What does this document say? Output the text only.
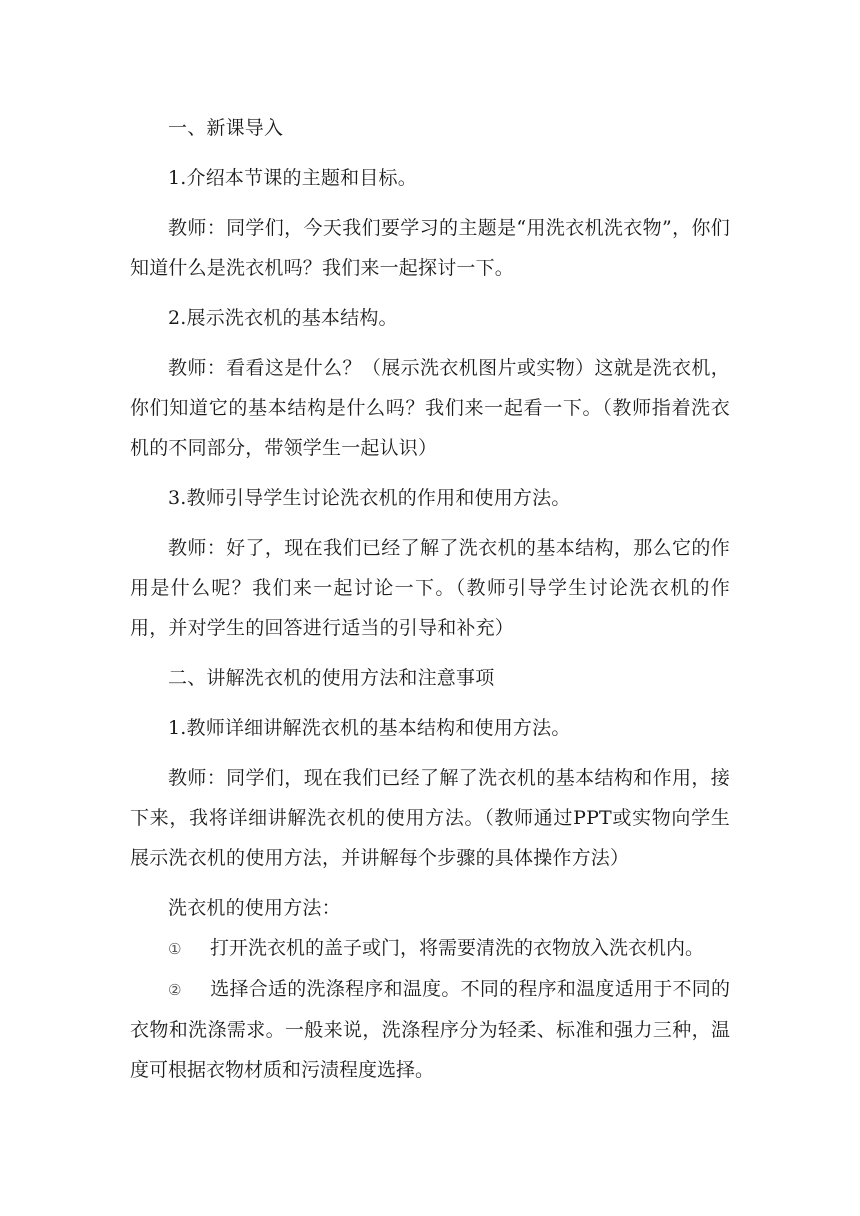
一、新课导入

1.介绍本节课的主题和目标。

教师：同学们，今天我们要学习的主题是“用洗衣机洗衣物”，你们知道什么是洗衣机吗？我们来一起探讨一下。

2.展示洗衣机的基本结构。

教师：看看这是什么？（展示洗衣机图片或实物）这就是洗衣机，你们知道它的基本结构是什么吗？我们来一起看一下。（教师指着洗衣机的不同部分，带领学生一起认识）

3.教师引导学生讨论洗衣机的作用和使用方法。

教师：好了，现在我们已经了解了洗衣机的基本结构，那么它的作用是什么呢？我们来一起讨论一下。（教师引导学生讨论洗衣机的作用，并对学生的回答进行适当的引导和补充）

二、讲解洗衣机的使用方法和注意事项

1.教师详细讲解洗衣机的基本结构和使用方法。

教师：同学们，现在我们已经了解了洗衣机的基本结构和作用，接下来，我将详细讲解洗衣机的使用方法。（教师通过PPT或实物向学生展示洗衣机的使用方法，并讲解每个步骤的具体操作方法）

洗衣机的使用方法：

① 打开洗衣机的盖子或门，将需要清洗的衣物放入洗衣机内。

② 选择合适的洗涤程序和温度。不同的程序和温度适用于不同的衣物和洗涤需求。一般来说，洗涤程序分为轻柔、标准和强力三种，温度可根据衣物材质和污渍程度选择。
